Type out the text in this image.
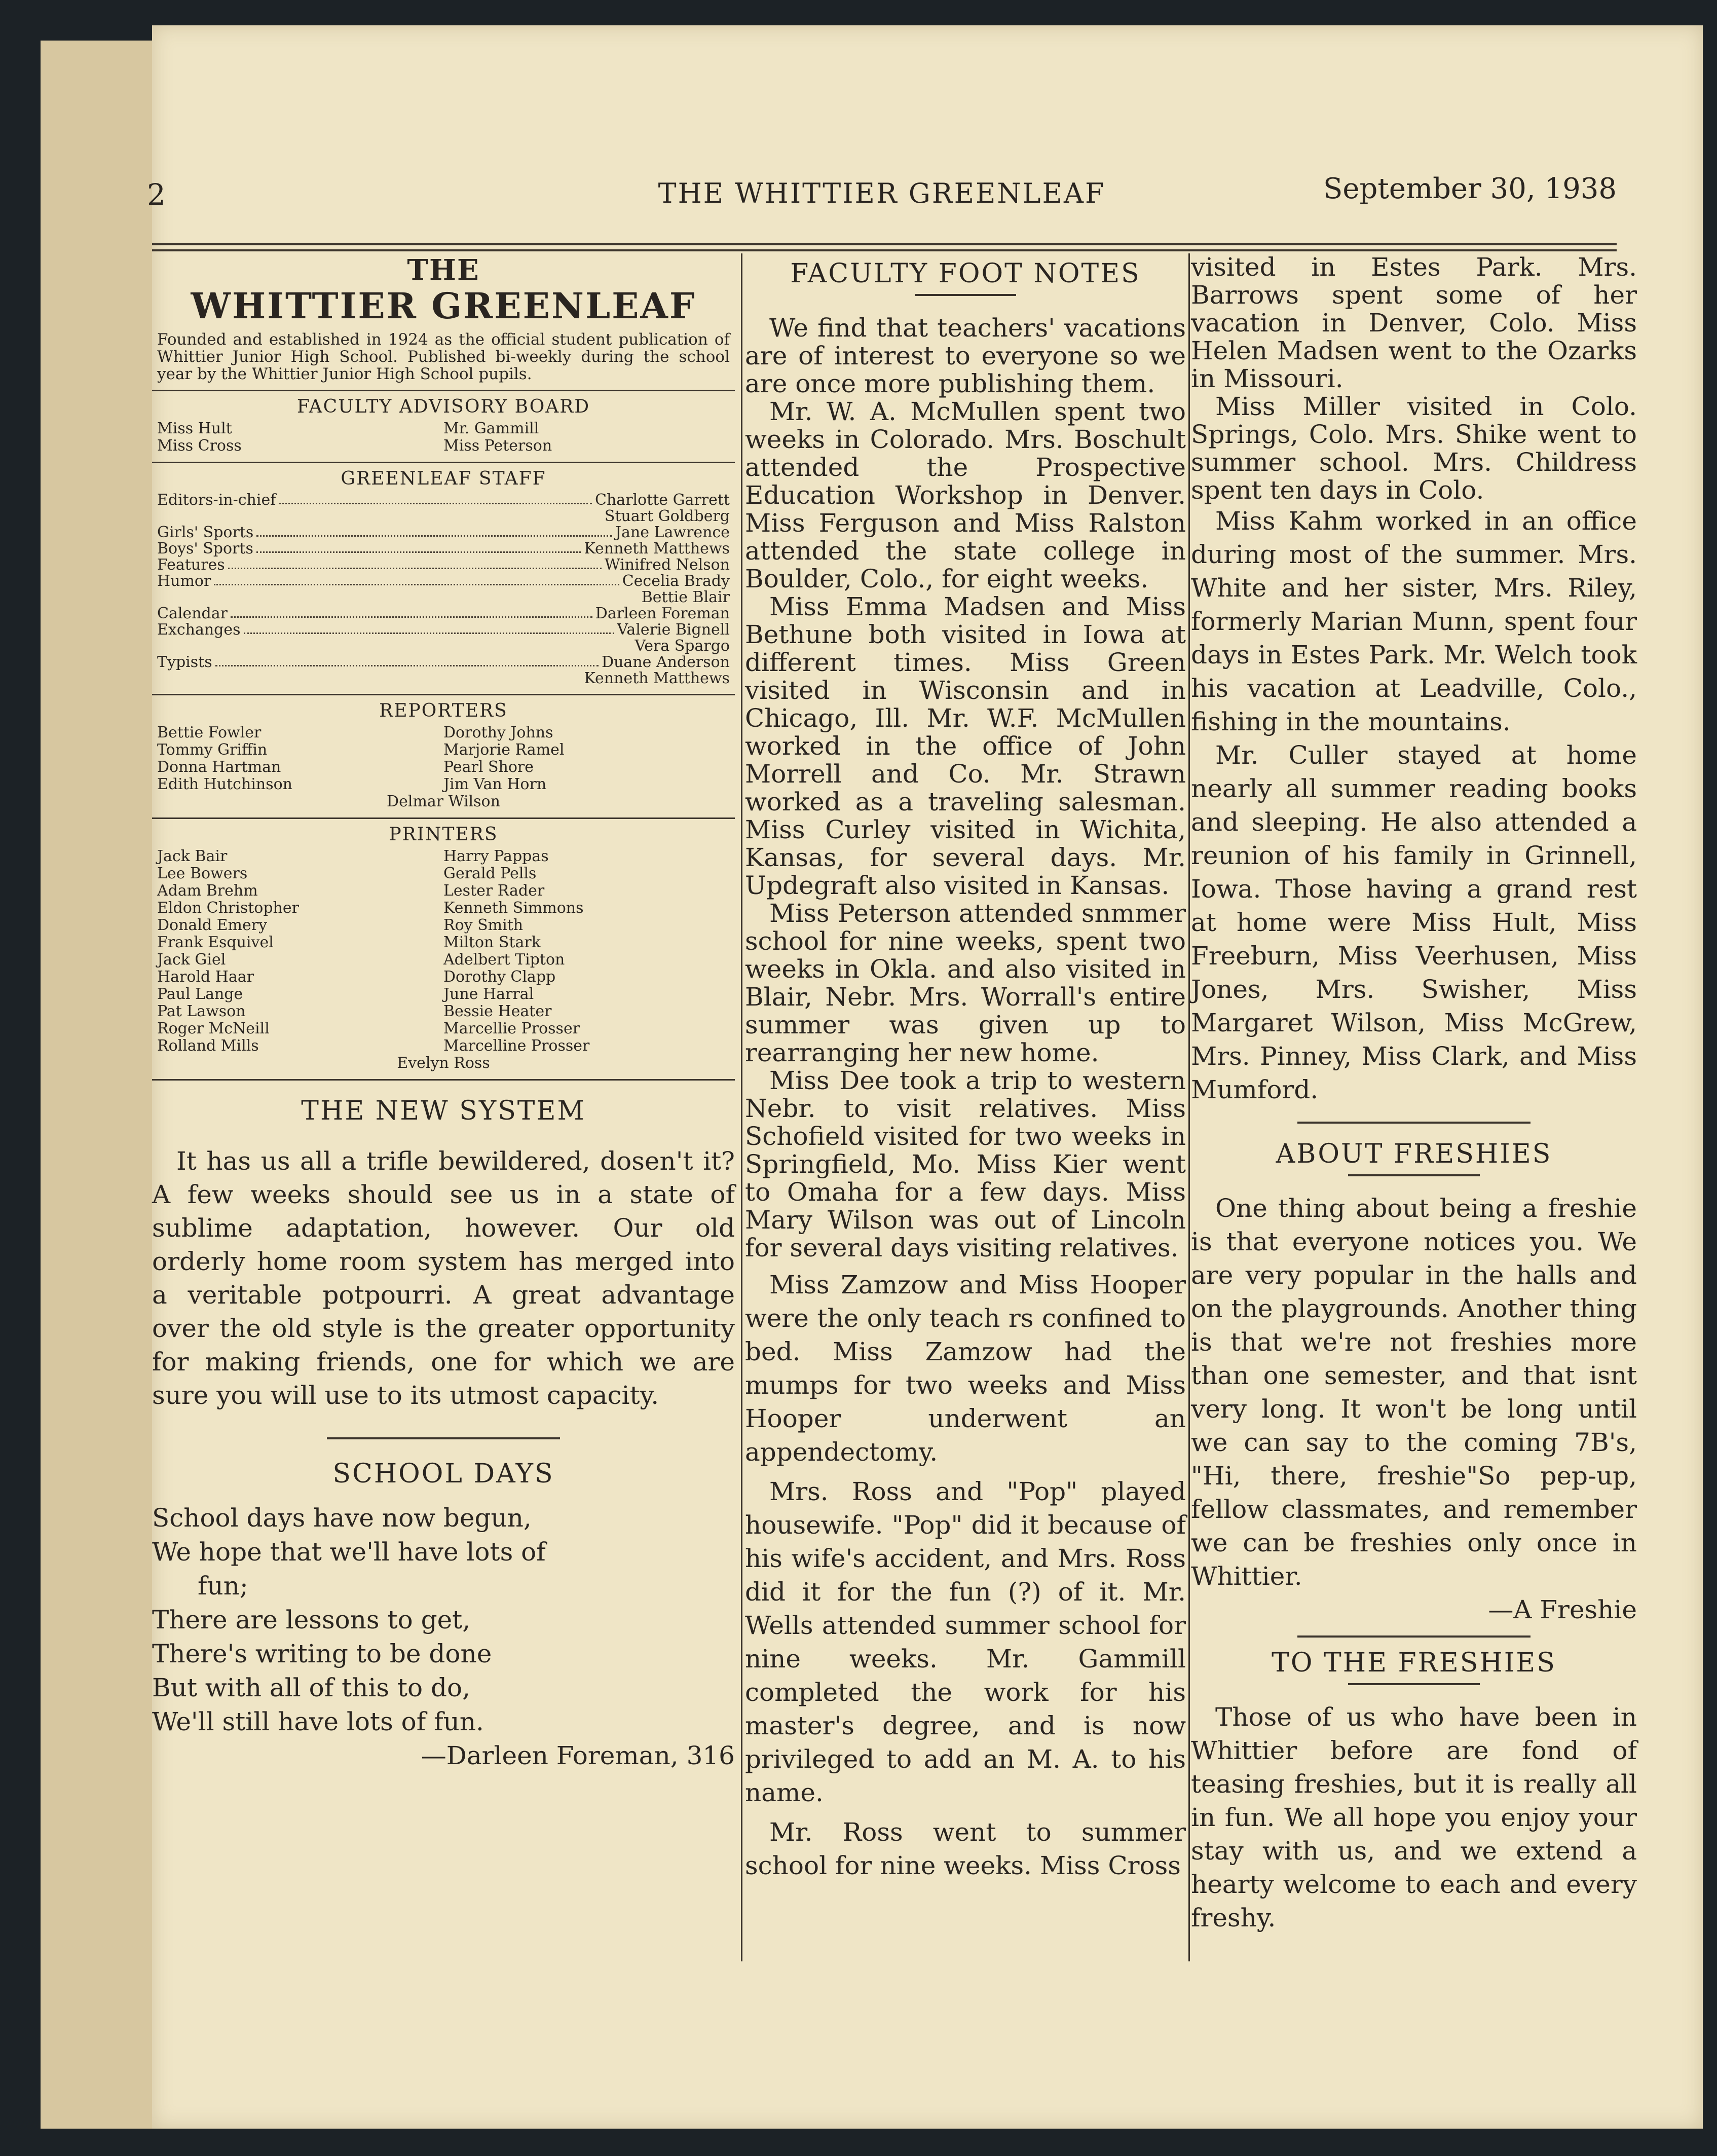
2	THE WHITTIER GREENLEAF	September 30, 1938
THE
WHITTIER GREENLEAF
Founded and established in 1924 as the official student publication of Whittier Junior High School. Published bi-weekly during the school year by the Whittier Junior High School pupils.
FACULTY ADVISORY BOARD
Miss Hult	Mr. Gammill
Miss Cross	Miss Peterson
GREENLEAF STAFF
Editors-in-chief	Charlotte Garrett
Stuart Goldberg
Girls' Sports	Jane Lawrence
Boys' Sports	Kenneth Matthews
Features	Winifred Nelson
Humor	Cecelia Brady
Bettie Blair
Calendar	Darleen Foreman
Exchanges	Valerie Bignell
Vera Spargo
Typists	Duane Anderson
Kenneth Matthews
REPORTERS
Bettie Fowler	Dorothy Johns
Tommy Griffin	Marjorie Ramel
Donna Hartman	Pearl Shore
Edith Hutchinson	Jim Van Horn
Delmar Wilson
PRINTERS
Jack Bair	Harry Pappas
Lee Bowers	Gerald Pells
Adam Brehm	Lester Rader
Eldon Christopher	Kenneth Simmons
Donald Emery	Roy Smith
Frank Esquivel	Milton Stark
Jack Giel	Adelbert Tipton
Harold Haar	Dorothy Clapp
Paul Lange	June Harral
Pat Lawson	Bessie Heater
Roger McNeill	Marcellie Prosser
Rolland Mills	Marcelline Prosser
Evelyn Ross
THE NEW SYSTEM

It has us all a trifle bewildered, dosen't it? A few weeks should see us in a state of sublime adaptation, however. Our old orderly home room system has merged into a veritable potpourri. A great advantage over the old style is the greater opportunity for making friends, one for which we are sure you will use to its utmost capacity.

SCHOOL DAYS
School days have now begun,
We hope that we'll have lots of
fun;
There are lessons to get,
There's writing to be done
But with all of this to do,
We'll still have lots of fun.
—Darleen Foreman, 316
FACULTY FOOT NOTES

We find that teachers' vacations are of interest to everyone so we are once more publishing them.

Mr. W. A. McMullen spent two weeks in Colorado. Mrs. Boschult attended the Prospective Education Workshop in Denver. Miss Ferguson and Miss Ralston attended the state college in Boulder, Colo., for eight weeks.

Miss Emma Madsen and Miss Bethune both visited in Iowa at different times. Miss Green visited in Wisconsin and in Chicago, Ill. Mr. W.F. McMullen worked in the office of John Morrell and Co. Mr. Strawn worked as a traveling salesman. Miss Curley visited in Wichita, Kansas, for several days. Mr. Updegraft also visited in Kansas.

Miss Peterson attended snmmer school for nine weeks, spent two weeks in Okla. and also visited in Blair, Nebr. Mrs. Worrall's entire summer was given up to rearranging her new home.

Miss Dee took a trip to western Nebr. to visit relatives. Miss Schofield visited for two weeks in Springfield, Mo. Miss Kier went to Omaha for a few days. Miss Mary Wilson was out of Lincoln for several days visiting relatives.

Miss Zamzow and Miss Hooper were the only teach rs confined to bed. Miss Zamzow had the mumps for two weeks and Miss Hooper underwent an appendectomy.

Mrs. Ross and "Pop" played housewife. "Pop" did it because of his wife's accident, and Mrs. Ross did it for the fun (?) of it. Mr. Wells attended summer school for nine weeks. Mr. Gammill completed the work for his master's degree, and is now privileged to add an M. A. to his name.

Mr. Ross went to summer school for nine weeks. Miss Cross

visited in Estes Park. Mrs. Barrows spent some of her vacation in Denver, Colo. Miss Helen Madsen went to the Ozarks in Missouri.

Miss Miller visited in Colo. Springs, Colo. Mrs. Shike went to summer school. Mrs. Childress spent ten days in Colo.

Miss Kahm worked in an office during most of the summer. Mrs. White and her sister, Mrs. Riley, formerly Marian Munn, spent four days in Estes Park. Mr. Welch took his vacation at Leadville, Colo., fishing in the mountains.

Mr. Culler stayed at home nearly all summer reading books and sleeping. He also attended a reunion of his family in Grinnell, Iowa. Those having a grand rest at home were Miss Hult, Miss Freeburn, Miss Veerhusen, Miss Jones, Mrs. Swisher, Miss Margaret Wilson, Miss McGrew, Mrs. Pinney, Miss Clark, and Miss Mumford.

ABOUT FRESHIES

One thing about being a freshie is that everyone notices you. We are very popular in the halls and on the playgrounds. Another thing is that we're not freshies more than one semester, and that isnt very long. It won't be long until we can say to the coming 7B's, "Hi, there, freshie"So pep-up, fellow classmates, and remember we can be freshies only once in Whittier.

—A Freshie
TO THE FRESHIES

Those of us who have been in Whittier before are fond of teasing freshies, but it is really all in fun. We all hope you enjoy your stay with us, and we extend a hearty welcome to each and every freshy.
